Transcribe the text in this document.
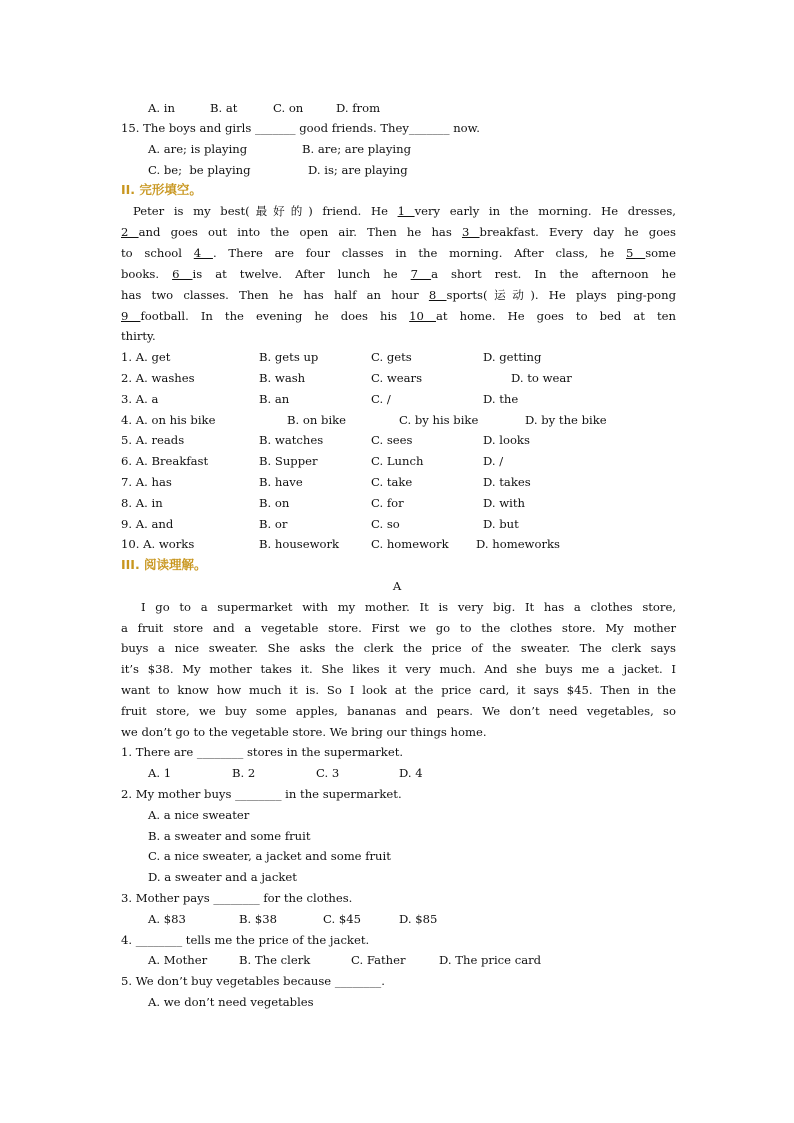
A. in

	B. at

	C. on

	D. from

15. The boys and girls _______ good friends. They_______ now.

A. are; is playing

	B. are; are playing

C. be;  be playing

	D. is; are playing

II. 完形填空。
Peter is my best(最好的) friend. He 1 very early in the morning. He dresses,
2 and goes out into the open air. Then he has 3 breakfast. Every day he goes
to school 4 . There are four classes in the morning. After class, he 5 some
books. 6 is at twelve. After lunch he 7 a short rest. In the afternoon he
has two classes. Then he has half an hour 8 sports(运动). He plays ping-pong
9 football. In the evening he does his 10 at home. He goes to bed at ten
thirty.

1. A. get

	B. gets up

	C. gets

	D. getting

2. A. washes

	B. wash

	C. wears

	D. to wear

3. A. a

	B. an

	C. /

	D. the

4. A. on his bike

	B. on bike

	C. by his bike

	D. by the bike

5. A. reads

	B. watches

	C. sees

	D. looks

6. A. Breakfast

	B. Supper

	C. Lunch

	D. /

7. A. has

	B. have

	C. take

	D. takes

8. A. in

	B. on

	C. for

	D. with

9. A. and

	B. or

	C. so

	D. but

10. A. works

	B. housework

	C. homework

D. homeworks

III. 阅读理解。
A
I go to a supermarket with my mother. It is very big. It has a clothes store,
a fruit store and a vegetable store. First we go to the clothes store. My mother
buys a nice sweater. She asks the clerk the price of the sweater. The clerk says
it’s $38. My mother takes it. She likes it very much. And she buys me a jacket. I
want to know how much it is. So I look at the price card, it says $45. Then in the
fruit store, we buy some apples, bananas and pears. We don’t need vegetables, so
we don’t go to the vegetable store. We bring our things home.
1. There are ________ stores in the supermarket.

A. 1

	B. 2

	C. 3

	D. 4

2. My mother buys ________ in the supermarket.
A. a nice sweater
B. a sweater and some fruit
C. a nice sweater, a jacket and some fruit
D. a sweater and a jacket
3. Mother pays ________ for the clothes.

A. $83

	B. $38

	C. $45

	D. $85

4. ________ tells me the price of the jacket.

A. Mother

	B. The clerk

	C. Father

	D. The price card

5. We don’t buy vegetables because ________.
A. we don’t need vegetables
